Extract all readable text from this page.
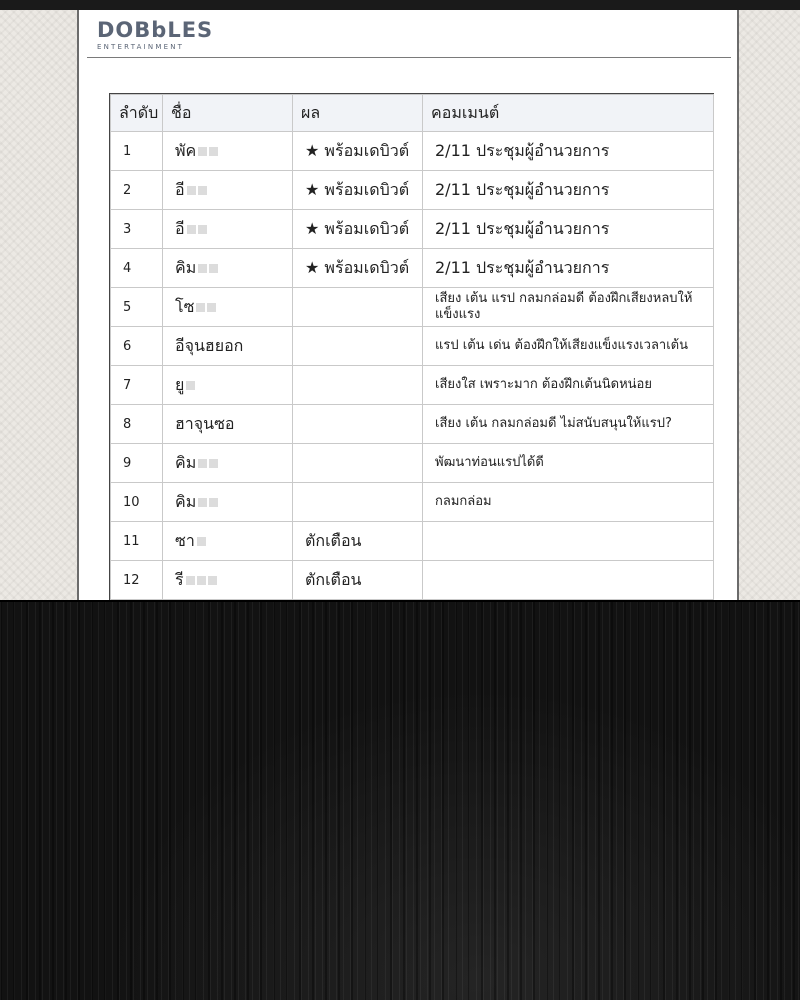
DOBbLES
ENTERTAINMENT
ลำดับ	ชื่อ	ผล	คอมเมนต์
1	พัค	★ พร้อมเดบิวต์	2/11 ประชุมผู้อำนวยการ
2	อี	★ พร้อมเดบิวต์	2/11 ประชุมผู้อำนวยการ
3	อี	★ พร้อมเดบิวต์	2/11 ประชุมผู้อำนวยการ
4	คิม	★ พร้อมเดบิวต์	2/11 ประชุมผู้อำนวยการ
5	โซ		เสียง เต้น แรป กลมกล่อมดี ต้องฝึกเสียงหลบให้แข็งแรง
6	อีจุนฮยอก		แรป เต้น เด่น ต้องฝึกให้เสียงแข็งแรงเวลาเต้น
7	ยู		เสียงใส เพราะมาก ต้องฝึกเต้นนิดหน่อย
8	ฮาจุนซอ		เสียง เต้น กลมกล่อมดี ไม่สนับสนุนให้แรป?
9	คิม		พัฒนาท่อนแรปได้ดี
10	คิม		กลมกล่อม
11	ซา	ตักเตือน	
12	รี	ตักเตือน	
